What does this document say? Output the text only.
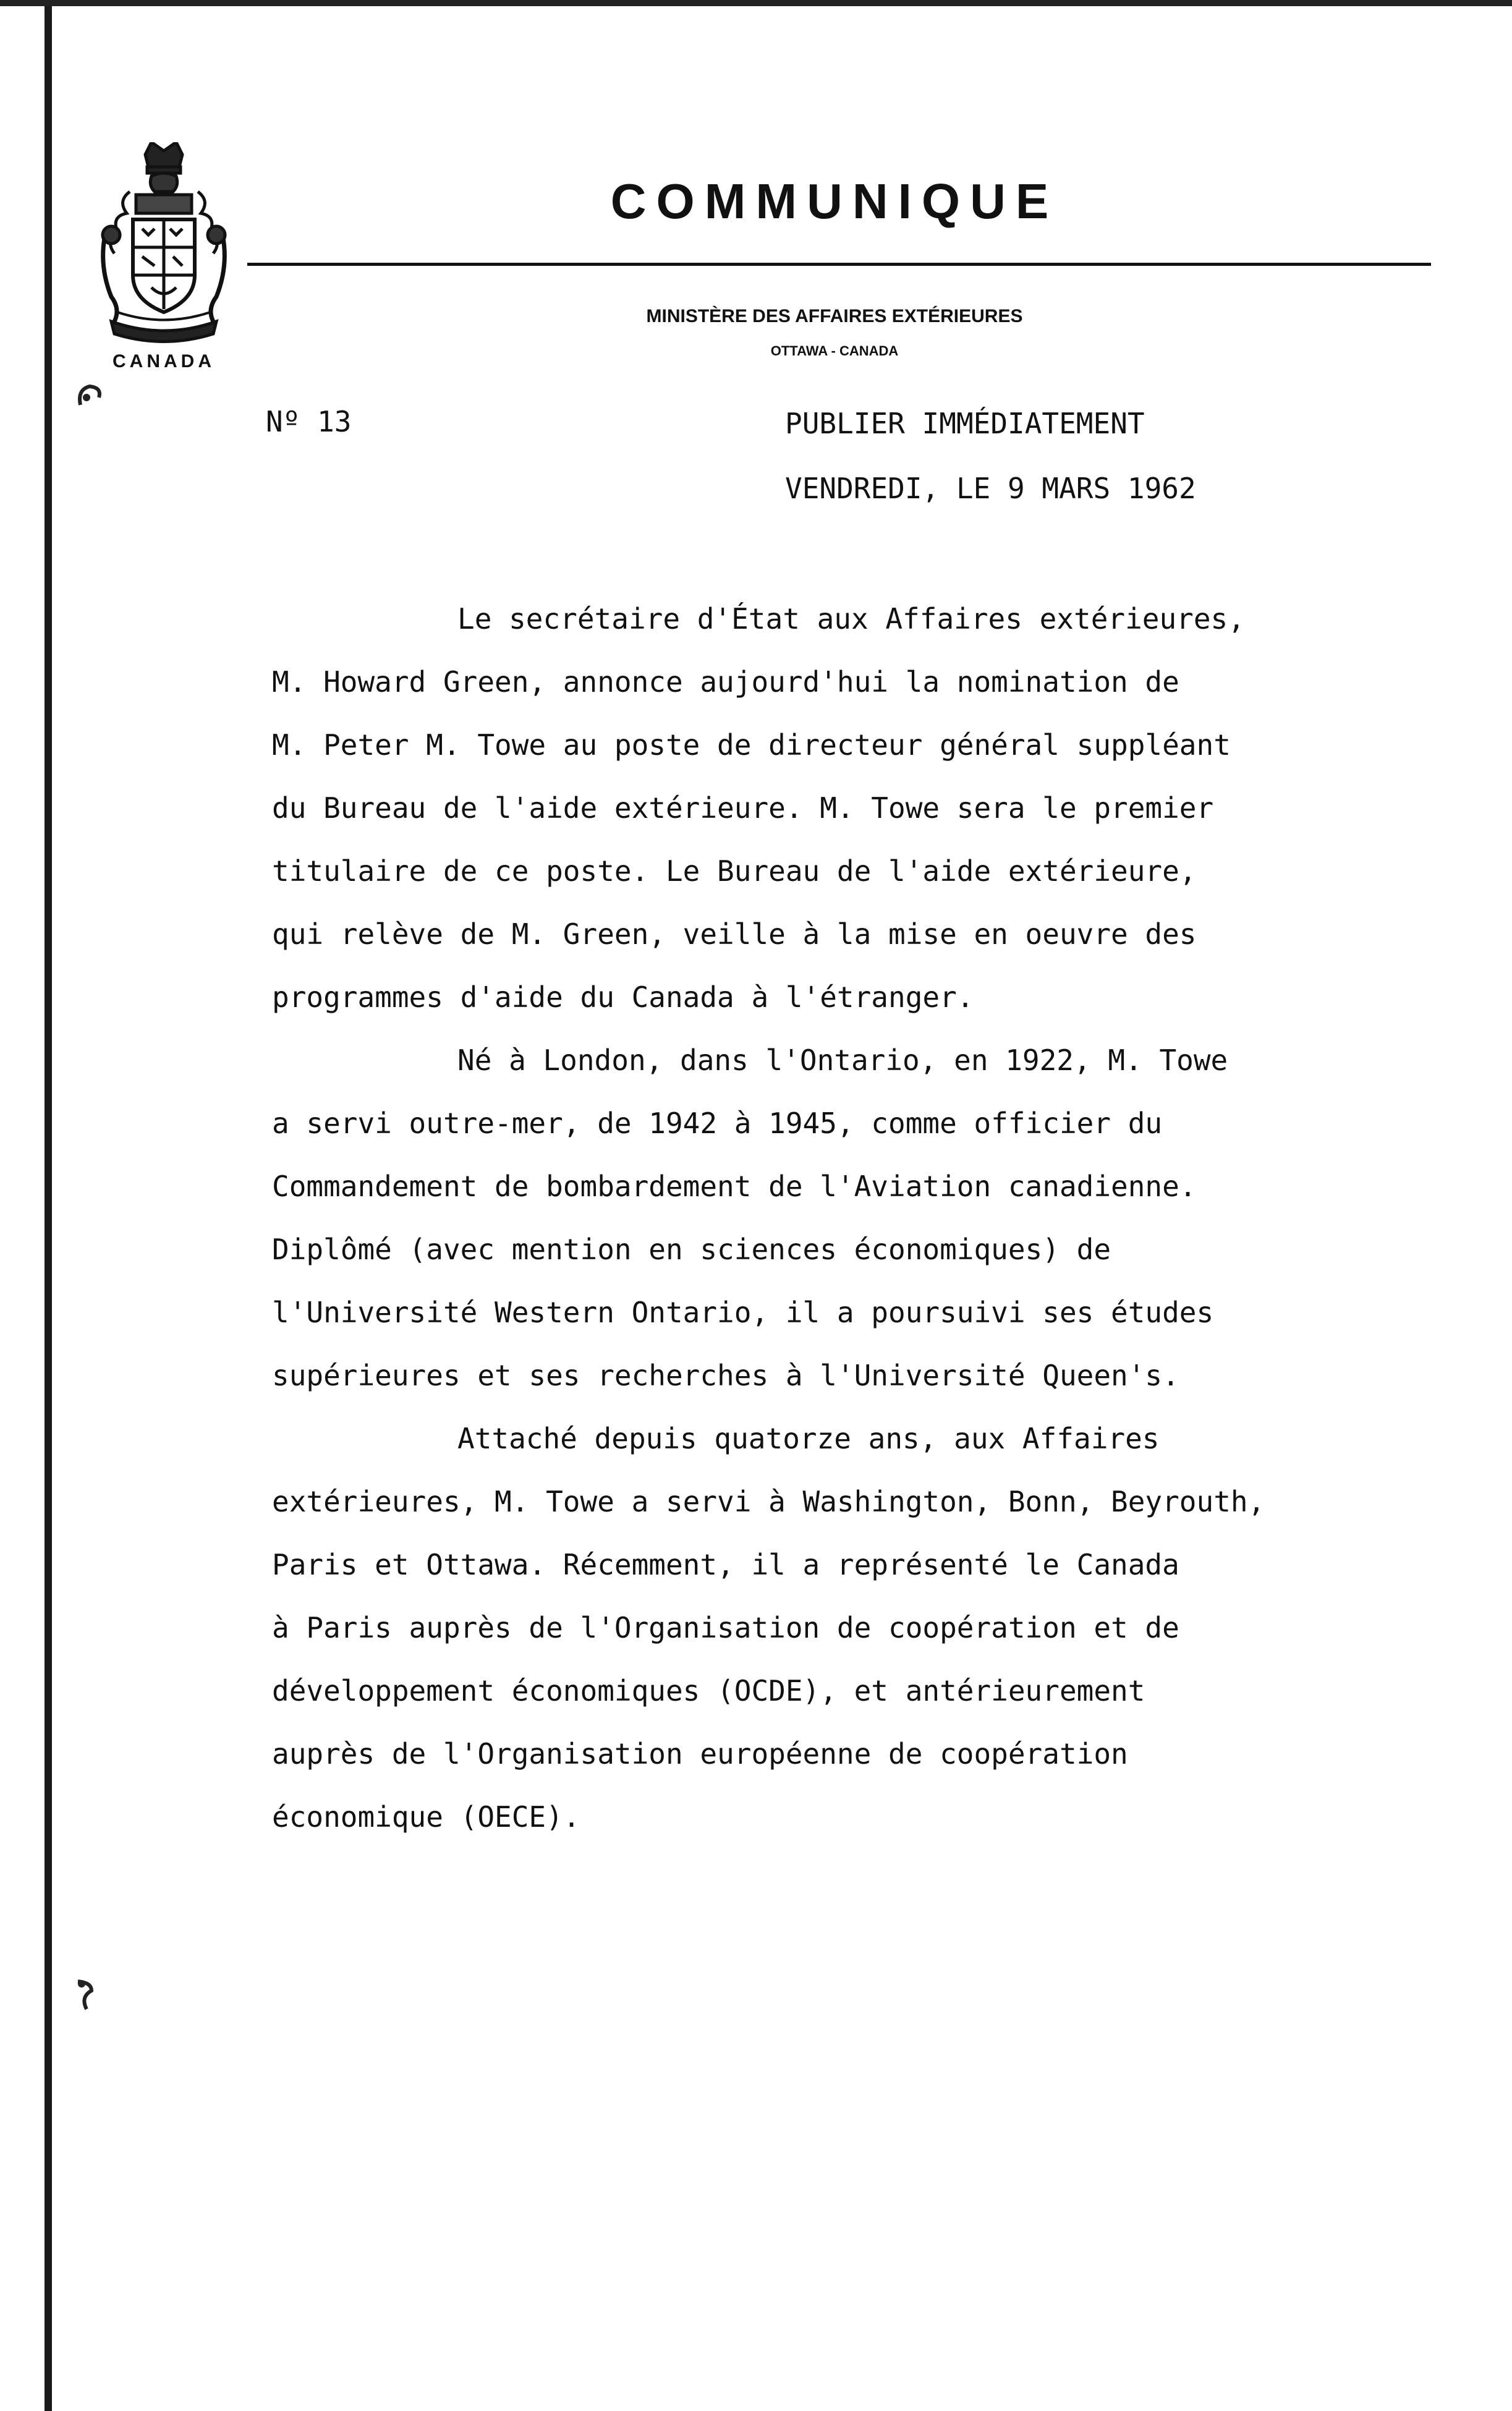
CANADA
COMMUNIQUE
MINISTÈRE DES AFFAIRES EXTÉRIEURES
OTTAWA - CANADA
Nº 13	PUBLIER IMMÉDIATEMENT
VENDREDI, LE 9 MARS 1962

Le secrétaire d'État aux Affaires extérieures,
M. Howard Green, annonce aujourd'hui la nomination de
M. Peter M. Towe au poste de directeur général suppléant
du Bureau de l'aide extérieure. M. Towe sera le premier
titulaire de ce poste. Le Bureau de l'aide extérieure,
qui relève de M. Green, veille à la mise en oeuvre des
programmes d'aide du Canada à l'étranger.

Né à London, dans l'Ontario, en 1922, M. Towe
a servi outre-mer, de 1942 à 1945, comme officier du
Commandement de bombardement de l'Aviation canadienne.
Diplômé (avec mention en sciences économiques) de
l'Université Western Ontario, il a poursuivi ses études
supérieures et ses recherches à l'Université Queen's.

Attaché depuis quatorze ans, aux Affaires
extérieures, M. Towe a servi à Washington, Bonn, Beyrouth,
Paris et Ottawa. Récemment, il a représenté le Canada
à Paris auprès de l'Organisation de coopération et de
développement économiques (OCDE), et antérieurement
auprès de l'Organisation européenne de coopération
économique (OECE).
